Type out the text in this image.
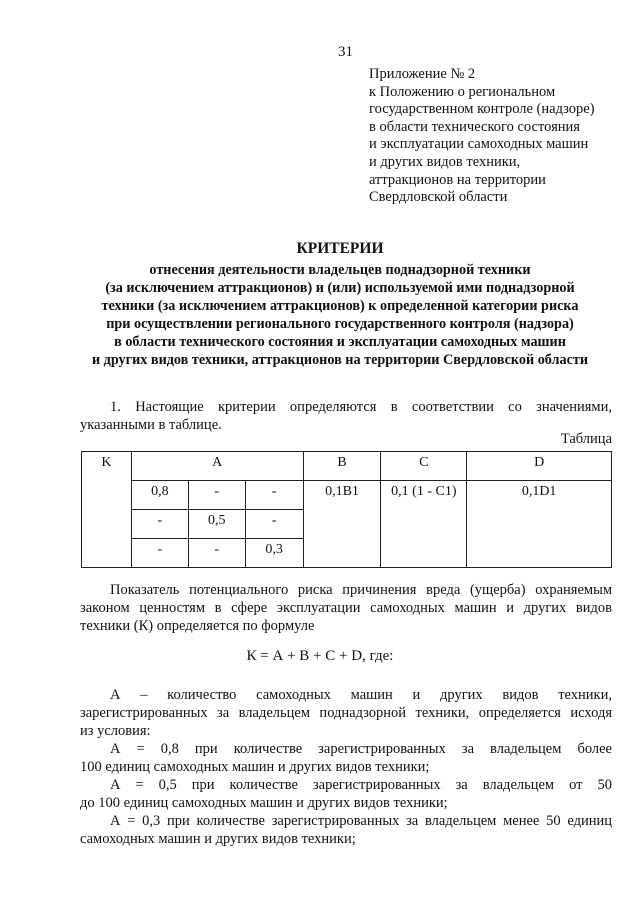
31
Приложение № 2
к Положению о региональном
государственном контроле (надзоре)
в области технического состояния
и эксплуатации самоходных машин
и других видов техники,
аттракционов на территории
Свердловской области
КРИТЕРИИ
отнесения деятельности владельцев поднадзорной техники
(за исключением аттракционов) и (или) используемой ими поднадзорной
техники (за исключением аттракционов) к определенной категории риска
при осуществлении регионального государственного контроля (надзора)
в области технического состояния и эксплуатации самоходных машин
и других видов техники, аттракционов на территории Свердловской области
1. Настоящие критерии определяются в соответствии со значениями,
указанными в таблице.
Таблица
K	A			B	C	D
	0,8	-	-	0,1B1	0,1 (1 - C1)	0,1D1
	-	0,5	-			
	-	-	0,3			
Показатель потенциального риска причинения вреда (ущерба) охраняемым
законом ценностям в сфере эксплуатации самоходных машин и других видов
техники (К) определяется по формуле
К = А + В + С + D, где:
А – количество самоходных машин и других видов техники,
зарегистрированных за владельцем поднадзорной техники, определяется исходя
из условия:
А = 0,8 при количестве зарегистрированных за владельцем более
100 единиц самоходных машин и других видов техники;
А = 0,5 при количестве зарегистрированных за владельцем от 50
до 100 единиц самоходных машин и других видов техники;
А = 0,3 при количестве зарегистрированных за владельцем менее 50 единиц
самоходных машин и других видов техники;
